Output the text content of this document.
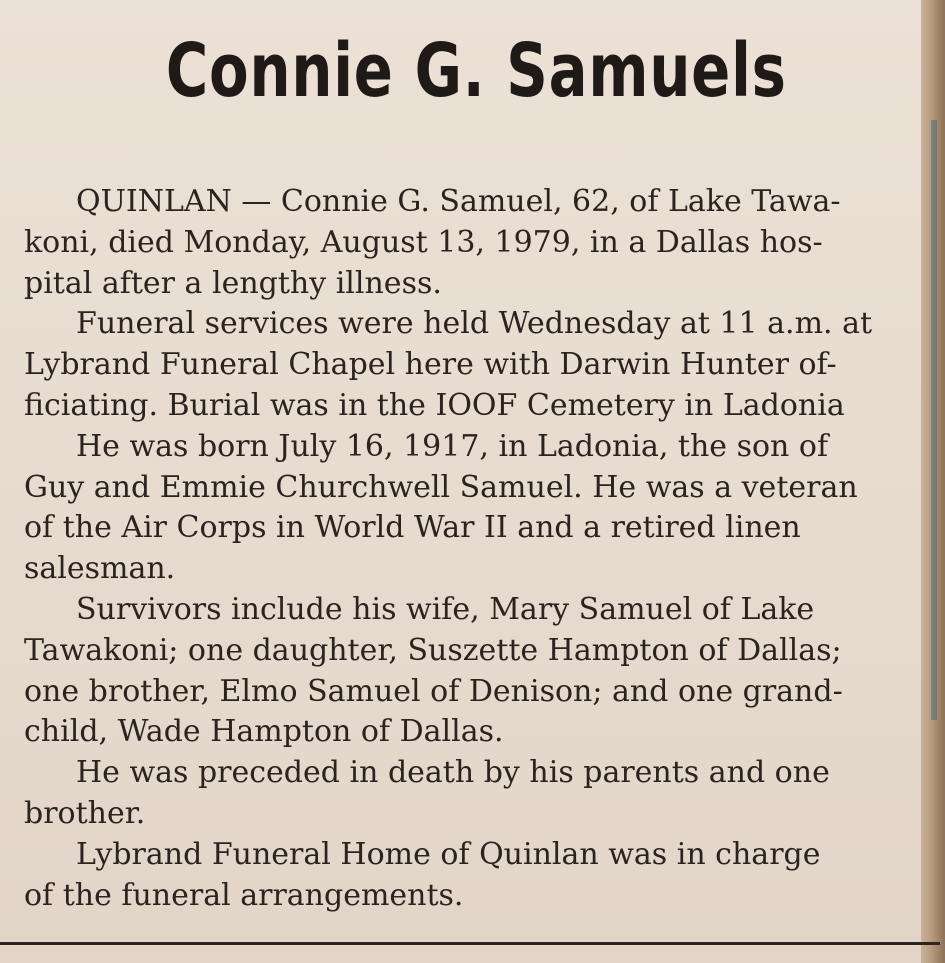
Connie G. Samuels
QUINLAN — Connie G. Samuel, 62, of Lake Tawa-
koni, died Monday, August 13, 1979, in a Dallas hos-
pital after a lengthy illness.
Funeral services were held Wednesday at 11 a.m. at
Lybrand Funeral Chapel here with Darwin Hunter of-
ficiating. Burial was in the IOOF Cemetery in Ladonia
He was born July 16, 1917, in Ladonia, the son of
Guy and Emmie Churchwell Samuel. He was a veteran
of the Air Corps in World War II and a retired linen
salesman.
Survivors include his wife, Mary Samuel of Lake
Tawakoni; one daughter, Suszette Hampton of Dallas;
one brother, Elmo Samuel of Denison; and one grand-
child, Wade Hampton of Dallas.
He was preceded in death by his parents and one
brother.
Lybrand Funeral Home of Quinlan was in charge
of the funeral arrangements.
